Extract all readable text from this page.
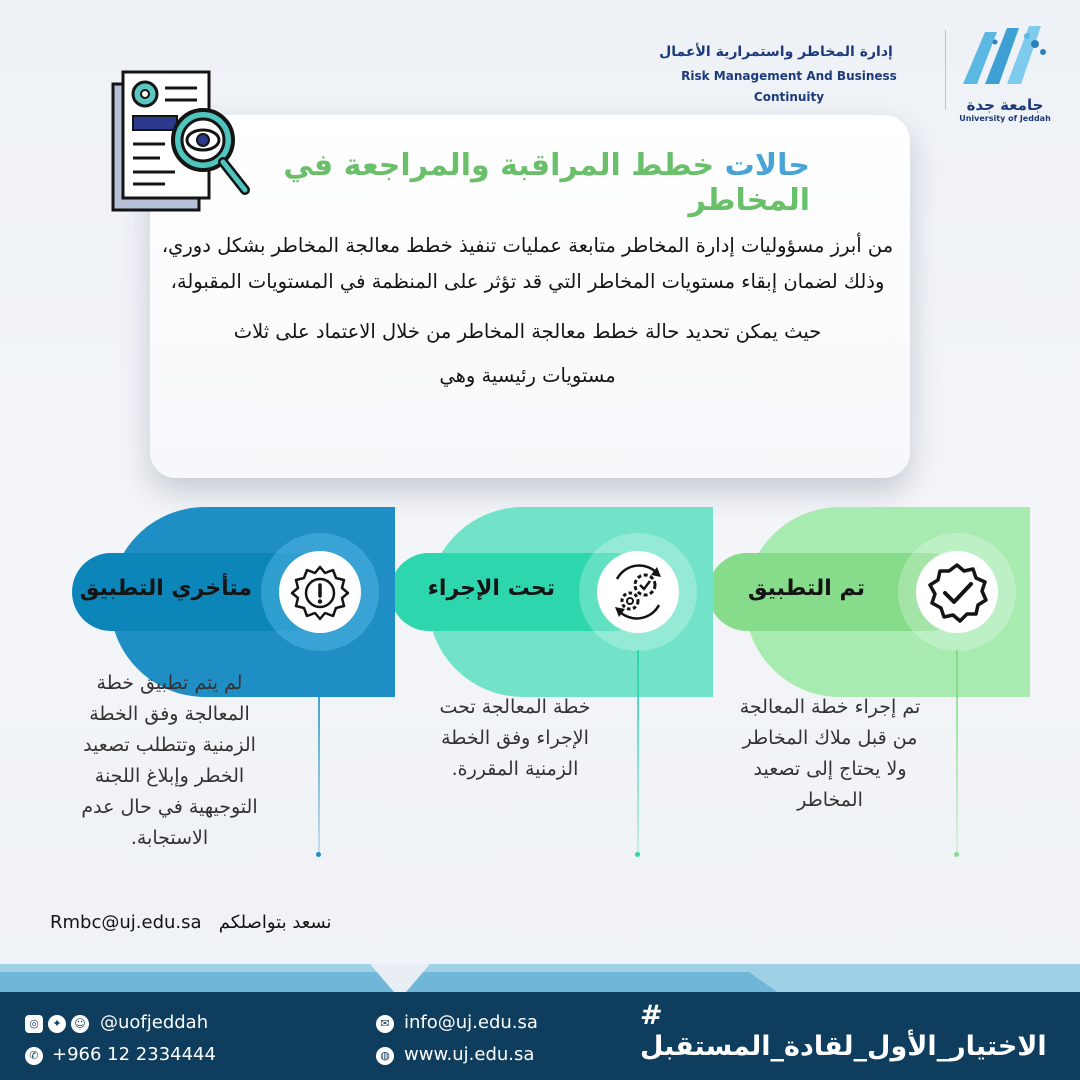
جامعة جدة
University of Jeddah
إدارة المخاطر واستمرارية الأعمال
Risk Management And Business Continuity
حالات خطط المراقبة والمراجعة في المخاطر

من أبرز مسؤوليات إدارة المخاطر متابعة عمليات تنفيذ خطط معالجة المخاطر بشكل دوري، وذلك لضمان إبقاء مستويات المخاطر التي قد تؤثر على المنظمة في المستويات المقبولة،

حيث يمكن تحديد حالة خطط معالجة المخاطر من خلال الاعتماد على ثلاث

مستويات رئيسية وهي

تم التطبيق
تم إجراء خطة المعالجة من قبل ملاك المخاطر ولا يحتاج إلى تصعيد المخاطر
تحت الإجراء
خطة المعالجة تحت الإجراء وفق الخطة الزمنية المقررة.
متأخري التطبيق
لم يتم تطبيق خطة المعالجة وفق الخطة الزمنية وتتطلب تصعيد الخطر وإبلاغ اللجنة التوجيهية في حال عدم الاستجابة.
Rmbc@uj.edu.sa نسعد بتواصلكم
◎	✦	☺ @uofjeddah
✆ +966 12 2334444
✉ info@uj.edu.sa
◍ www.uj.edu.sa
# الاختيار_الأول_لقادة_المستقبل
